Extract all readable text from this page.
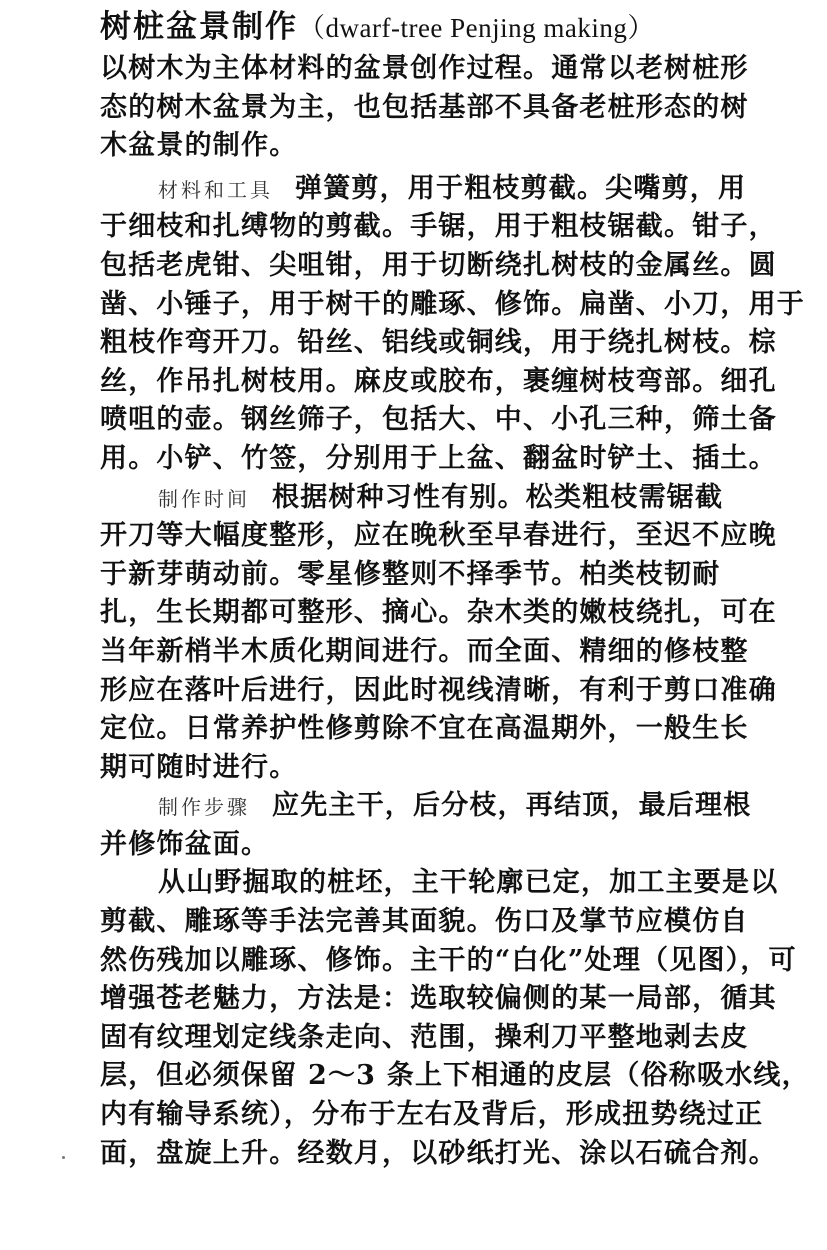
树桩盆景制作（dwarf-tree Penjing making）
以树木为主体材料的盆景创作过程。通常以老树桩形
态的树木盆景为主，也包括基部不具备老桩形态的树
木盆景的制作。
材料和工具 弹簧剪，用于粗枝剪截。尖嘴剪，用
于细枝和扎缚物的剪截。手锯，用于粗枝锯截。钳子，
包括老虎钳、尖咀钳，用于切断绕扎树枝的金属丝。圆
凿、小锤子，用于树干的雕琢、修饰。扁凿、小刀，用于
粗枝作弯开刀。铅丝、铝线或铜线，用于绕扎树枝。棕
丝，作吊扎树枝用。麻皮或胶布，裹缠树枝弯部。细孔
喷咀的壶。钢丝筛子，包括大、中、小孔三种，筛土备
用。小铲、竹签，分别用于上盆、翻盆时铲土、插土。
制作时间 根据树种习性有别。松类粗枝需锯截
开刀等大幅度整形，应在晚秋至早春进行，至迟不应晚
于新芽萌动前。零星修整则不择季节。柏类枝韧耐
扎，生长期都可整形、摘心。杂木类的嫩枝绕扎，可在
当年新梢半木质化期间进行。而全面、精细的修枝整
形应在落叶后进行，因此时视线清晰，有利于剪口准确
定位。日常养护性修剪除不宜在高温期外，一般生长
期可随时进行。
制作步骤 应先主干，后分枝，再结顶，最后理根
并修饰盆面。
从山野掘取的桩坯，主干轮廓已定，加工主要是以
剪截、雕琢等手法完善其面貌。伤口及掌节应模仿自
然伤残加以雕琢、修饰。主干的“白化”处理（见图），可
增强苍老魅力，方法是：选取较偏侧的某一局部，循其
固有纹理划定线条走向、范围，操利刀平整地剥去皮
层，但必须保留 2～3 条上下相通的皮层（俗称吸水线，
内有输导系统），分布于左右及背后，形成扭势绕过正
面，盘旋上升。经数月，以砂纸打光、涂以石硫合剂。
